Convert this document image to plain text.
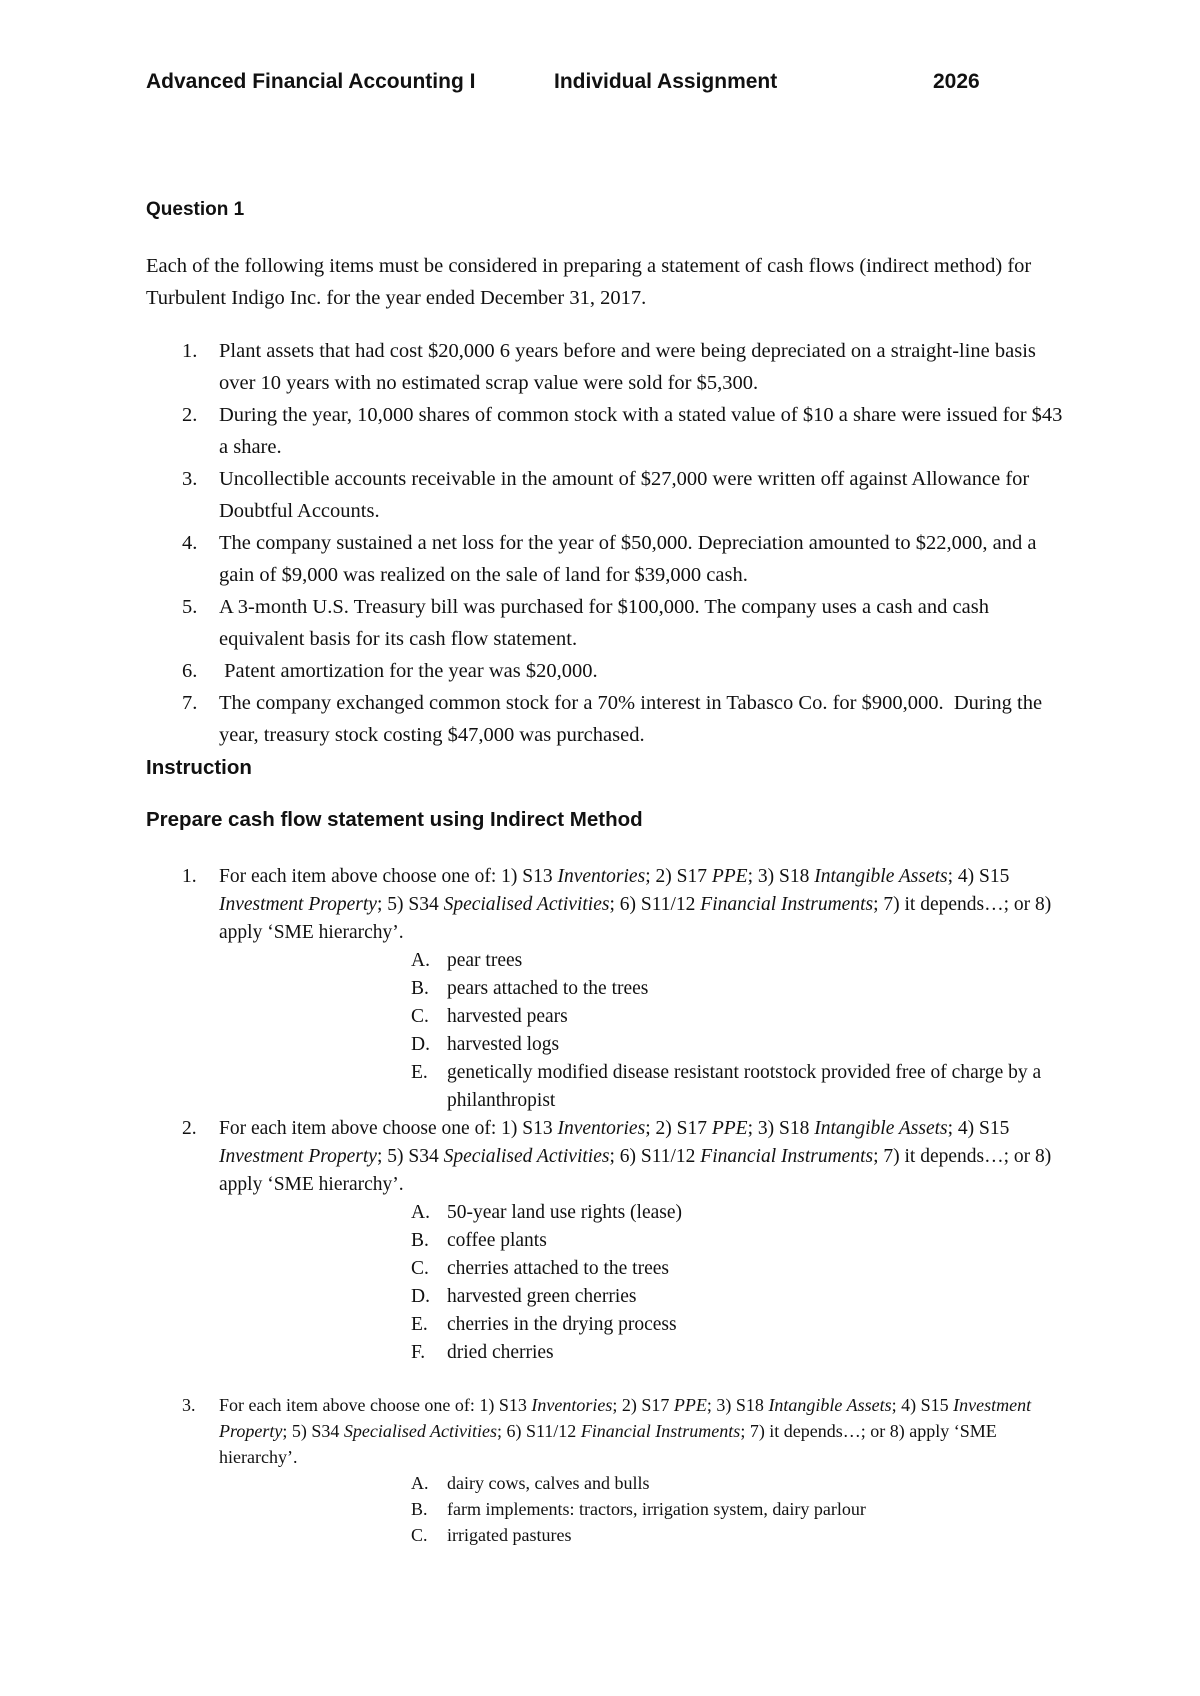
Advanced Financial Accounting I	Individual Assignment	2026
Question 1
Each of the following items must be considered in preparing a statement of cash flows (indirect method) for Turbulent Indigo Inc. for the year ended December 31, 2017.

1. Plant assets that had cost $20,000 6 years before and were being depreciated on a straight-line basis over 10 years with no estimated scrap value were sold for $5,300.

2. During the year, 10,000 shares of common stock with a stated value of $10 a share were issued for $43 a share.

3. Uncollectible accounts receivable in the amount of $27,000 were written off against Allowance for Doubtful Accounts.

4. The company sustained a net loss for the year of $50,000. Depreciation amounted to $22,000, and a gain of $9,000 was realized on the sale of land for $39,000 cash.

5. A 3-month U.S. Treasury bill was purchased for $100,000. The company uses a cash and cash equivalent basis for its cash flow statement.

6. Patent amortization for the year was $20,000.

7. The company exchanged common stock for a 70% interest in Tabasco Co. for $900,000.  During the year, treasury stock costing $47,000 was purchased.

Instruction
Prepare cash flow statement using Indirect Method

1. For each item above choose one of: 1) S13 Inventories; 2) S17 PPE; 3) S18 Intangible Assets; 4) S15 Investment Property; 5) S34 Specialised Activities; 6) S11/12 Financial Instruments; 7) it depends…; or 8) apply ‘SME hierarchy’.

A. pear trees

B. pears attached to the trees

C. harvested pears

D. harvested logs

E. genetically modified disease resistant rootstock provided free of charge by a philanthropist

2. For each item above choose one of: 1) S13 Inventories; 2) S17 PPE; 3) S18 Intangible Assets; 4) S15 Investment Property; 5) S34 Specialised Activities; 6) S11/12 Financial Instruments; 7) it depends…; or 8) apply ‘SME hierarchy’.

A. 50-year land use rights (lease)

B. coffee plants

C. cherries attached to the trees

D. harvested green cherries

E. cherries in the drying process

F. dried cherries

3. For each item above choose one of: 1) S13 Inventories; 2) S17 PPE; 3) S18 Intangible Assets; 4) S15 Investment Property; 5) S34 Specialised Activities; 6) S11/12 Financial Instruments; 7) it depends…; or 8) apply ‘SME hierarchy’.

A. dairy cows, calves and bulls

B. farm implements: tractors, irrigation system, dairy parlour

C. irrigated pastures
